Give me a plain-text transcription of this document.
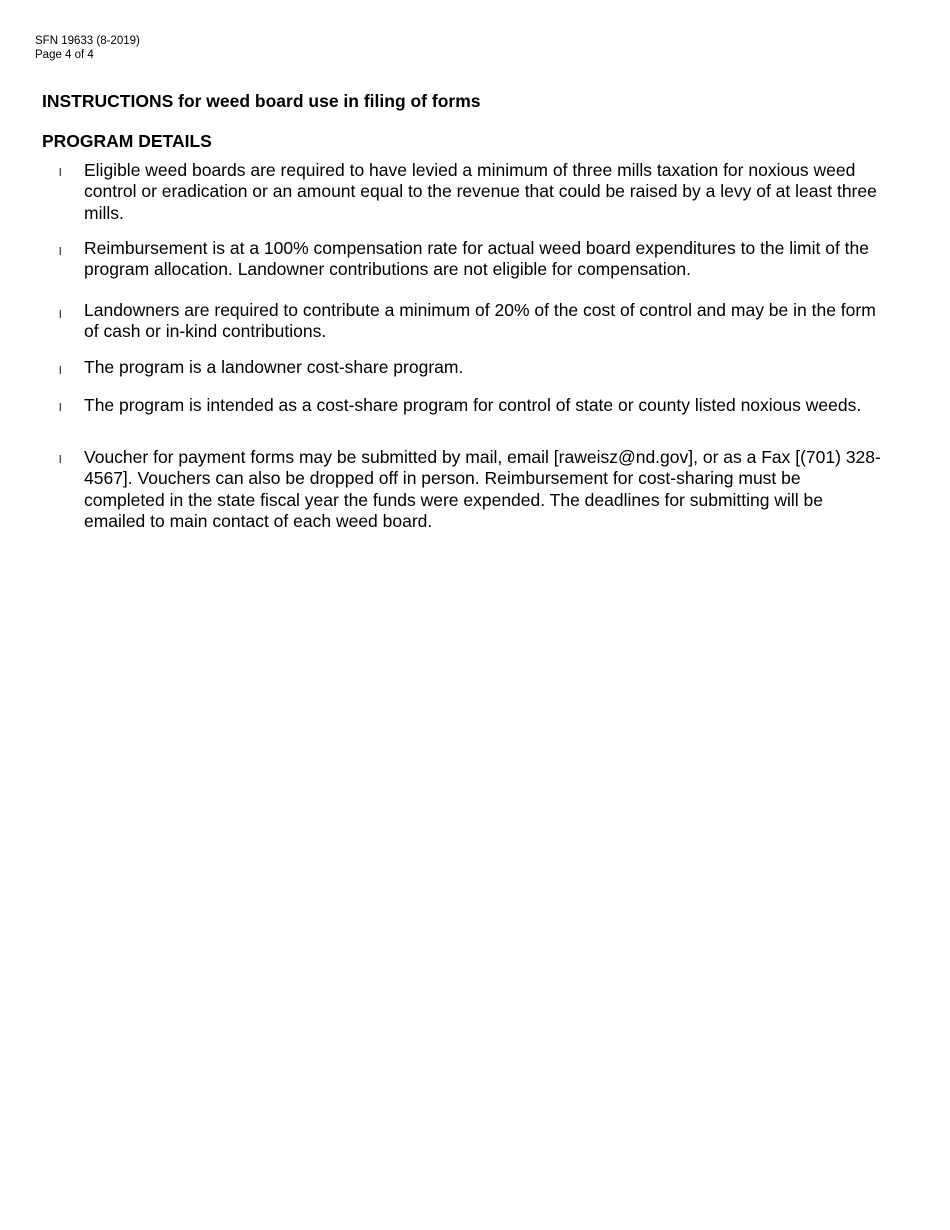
SFN 19633 (8-2019)
Page 4 of 4
INSTRUCTIONS for weed board use in filing of forms
PROGRAM DETAILS
l Eligible weed boards are required to have levied a minimum of three mills taxation for noxious weed control or eradication or an amount equal to the revenue that could be raised by a levy of at least three mills.

l Reimbursement is at a 100% compensation rate for actual weed board expenditures to the limit of the program allocation. Landowner contributions are not eligible for compensation.

l Landowners are required to contribute a minimum of 20% of the cost of control and may be in the form of cash or in-kind contributions.

l The program is a landowner cost-share program.

l The program is intended as a cost-share program for control of state or county listed noxious weeds.

l Voucher for payment forms may be submitted by mail, email [raweisz@nd.gov], or as a Fax [(701) 328-4567]. Vouchers can also be dropped off in person. Reimbursement for cost-sharing must be completed in the state fiscal year the funds were expended. The deadlines for submitting will be emailed to main contact of each weed board.
